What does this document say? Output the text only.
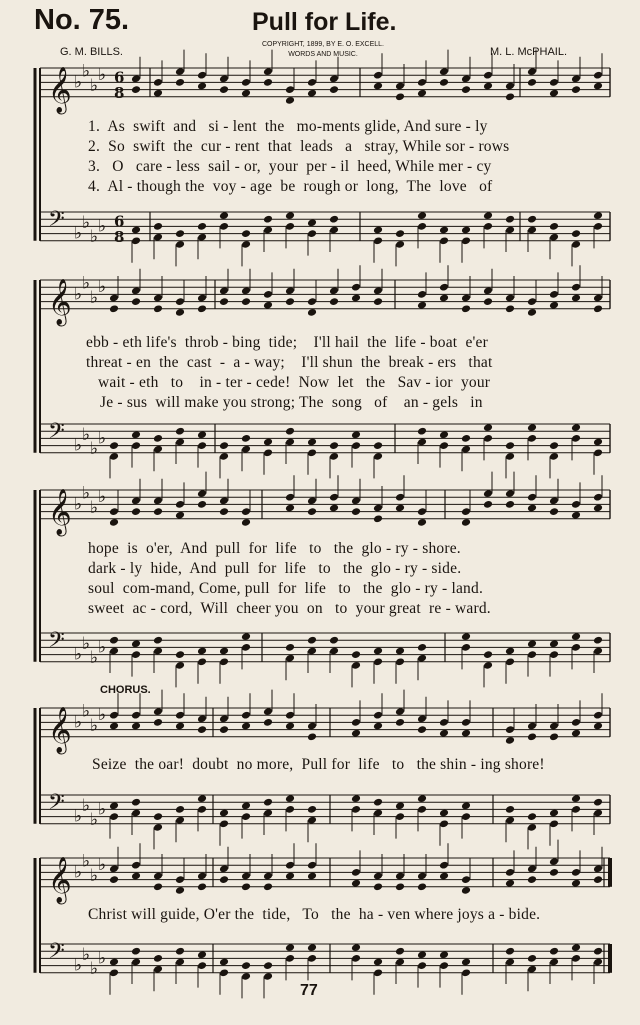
No. 75.	Pull for Life.
G. M. BILLS.	M. L. McPHAIL.
COPYRIGHT, 1899, BY E. O. EXCELL.
WORDS AND MUSIC.
𝄞 ♭
♭
♭
♭ 6
8
𝄢 ♭
♭
♭
♭ 6
8
𝄞 ♭
♭
♭
♭
𝄢 ♭
♭
♭
♭
𝄞 ♭
♭
♭
♭
𝄢 ♭
♭
♭
♭
𝄞 ♭
♭
♭
♭
𝄢 ♭
♭
♭
♭
𝄞 ♭
♭
♭
♭
𝄢 ♭
♭
♭
♭
1.  As  swift  and   si - lent  the   mo-ments glide, And sure - ly
2.  So  swift  the  cur - rent  that  leads   a   stray, While sor - rows
3.   O   care - less  sail - or,  your  per - il  heed, While mer - cy
4.  Al - though the  voy - age  be  rough or  long,  The  love   of
ebb - eth life's  throb - bing  tide;    I'll hail  the  life - boat  e'er
threat - en  the  cast  -  a - way;    I'll shun  the  break - ers   that
wait - eth   to    in - ter - cede!  Now  let   the   Sav - ior  your
Je - sus  will make you strong; The  song   of    an - gels   in
hope  is  o'er,  And  pull  for  life   to   the  glo - ry - shore.
dark - ly  hide,  And  pull  for  life   to   the  glo - ry - side.
soul  com-mand, Come, pull  for  life   to   the  glo - ry - land.
sweet  ac - cord,  Will  cheer you  on   to  your great  re - ward.
CHORUS.
Seize  the oar!  doubt  no more,  Pull for  life   to   the shin - ing shore!
Christ will guide, O'er the  tide,   To   the  ha - ven where joys a - bide.
77
